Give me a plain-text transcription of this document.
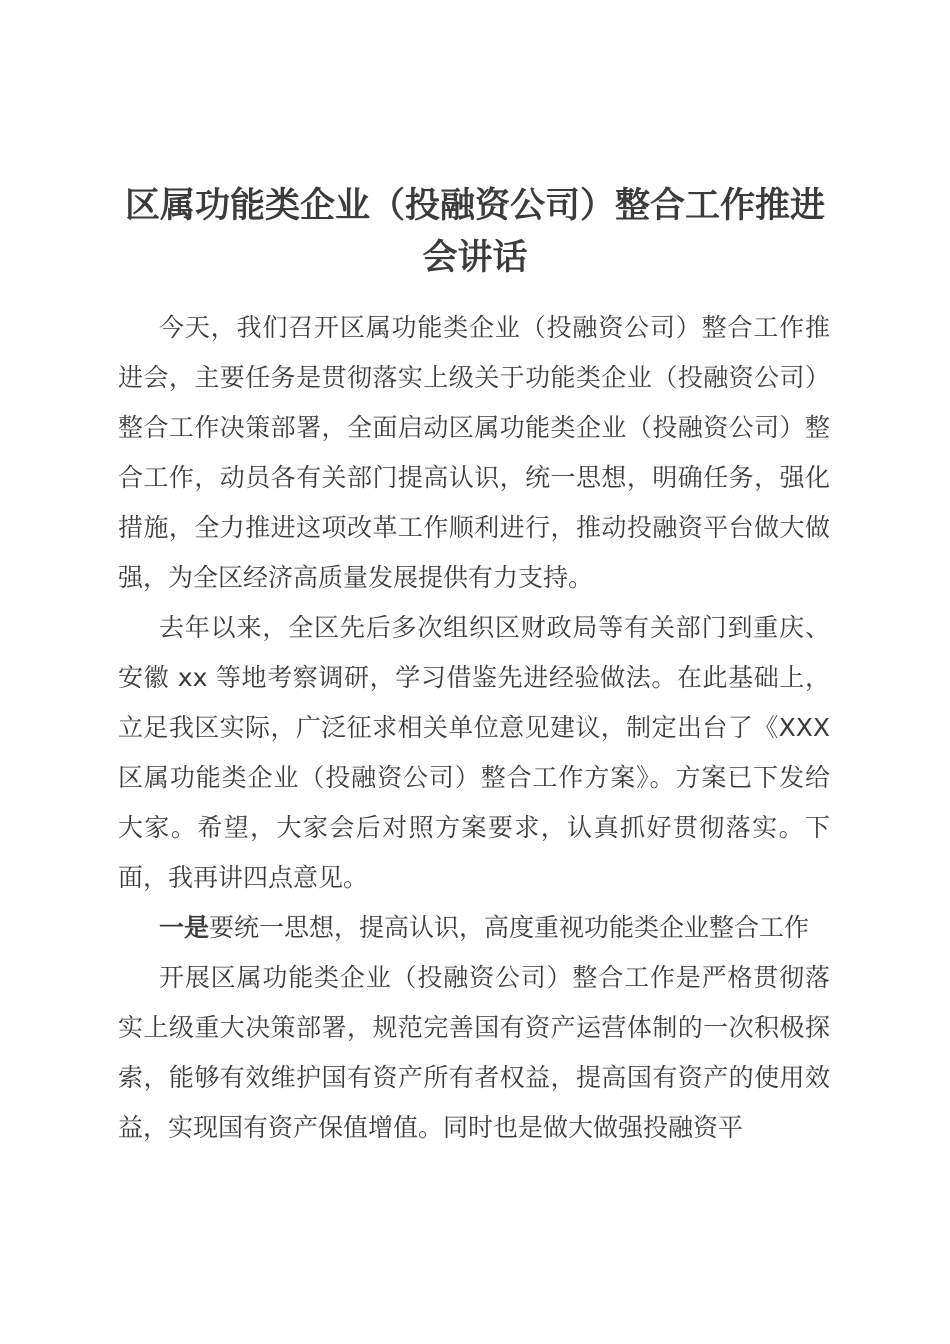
区属功能类企业（投融资公司）整合工作推进会讲话

今天，我们召开区属功能类企业（投融资公司）整合工作推进会，主要任务是贯彻落实上级关于功能类企业（投融资公司）整合工作决策部署，全面启动区属功能类企业（投融资公司）整合工作，动员各有关部门提高认识，统一思想，明确任务，强化措施，全力推进这项改革工作顺利进行，推动投融资平台做大做强，为全区经济高质量发展提供有力支持。

去年以来，全区先后多次组织区财政局等有关部门到重庆、安徽 xx 等地考察调研，学习借鉴先进经验做法。在此基础上，立足我区实际，广泛征求相关单位意见建议，制定出台了《XXX 区属功能类企业（投融资公司）整合工作方案》。方案已下发给大家。希望，大家会后对照方案要求，认真抓好贯彻落实。下面，我再讲四点意见。

一是要统一思想，提高认识，高度重视功能类企业整合工作

开展区属功能类企业（投融资公司）整合工作是严格贯彻落实上级重大决策部署，规范完善国有资产运营体制的一次积极探索，能够有效维护国有资产所有者权益，提高国有资产的使用效益，实现国有资产保值增值。同时也是做大做强投融资平
